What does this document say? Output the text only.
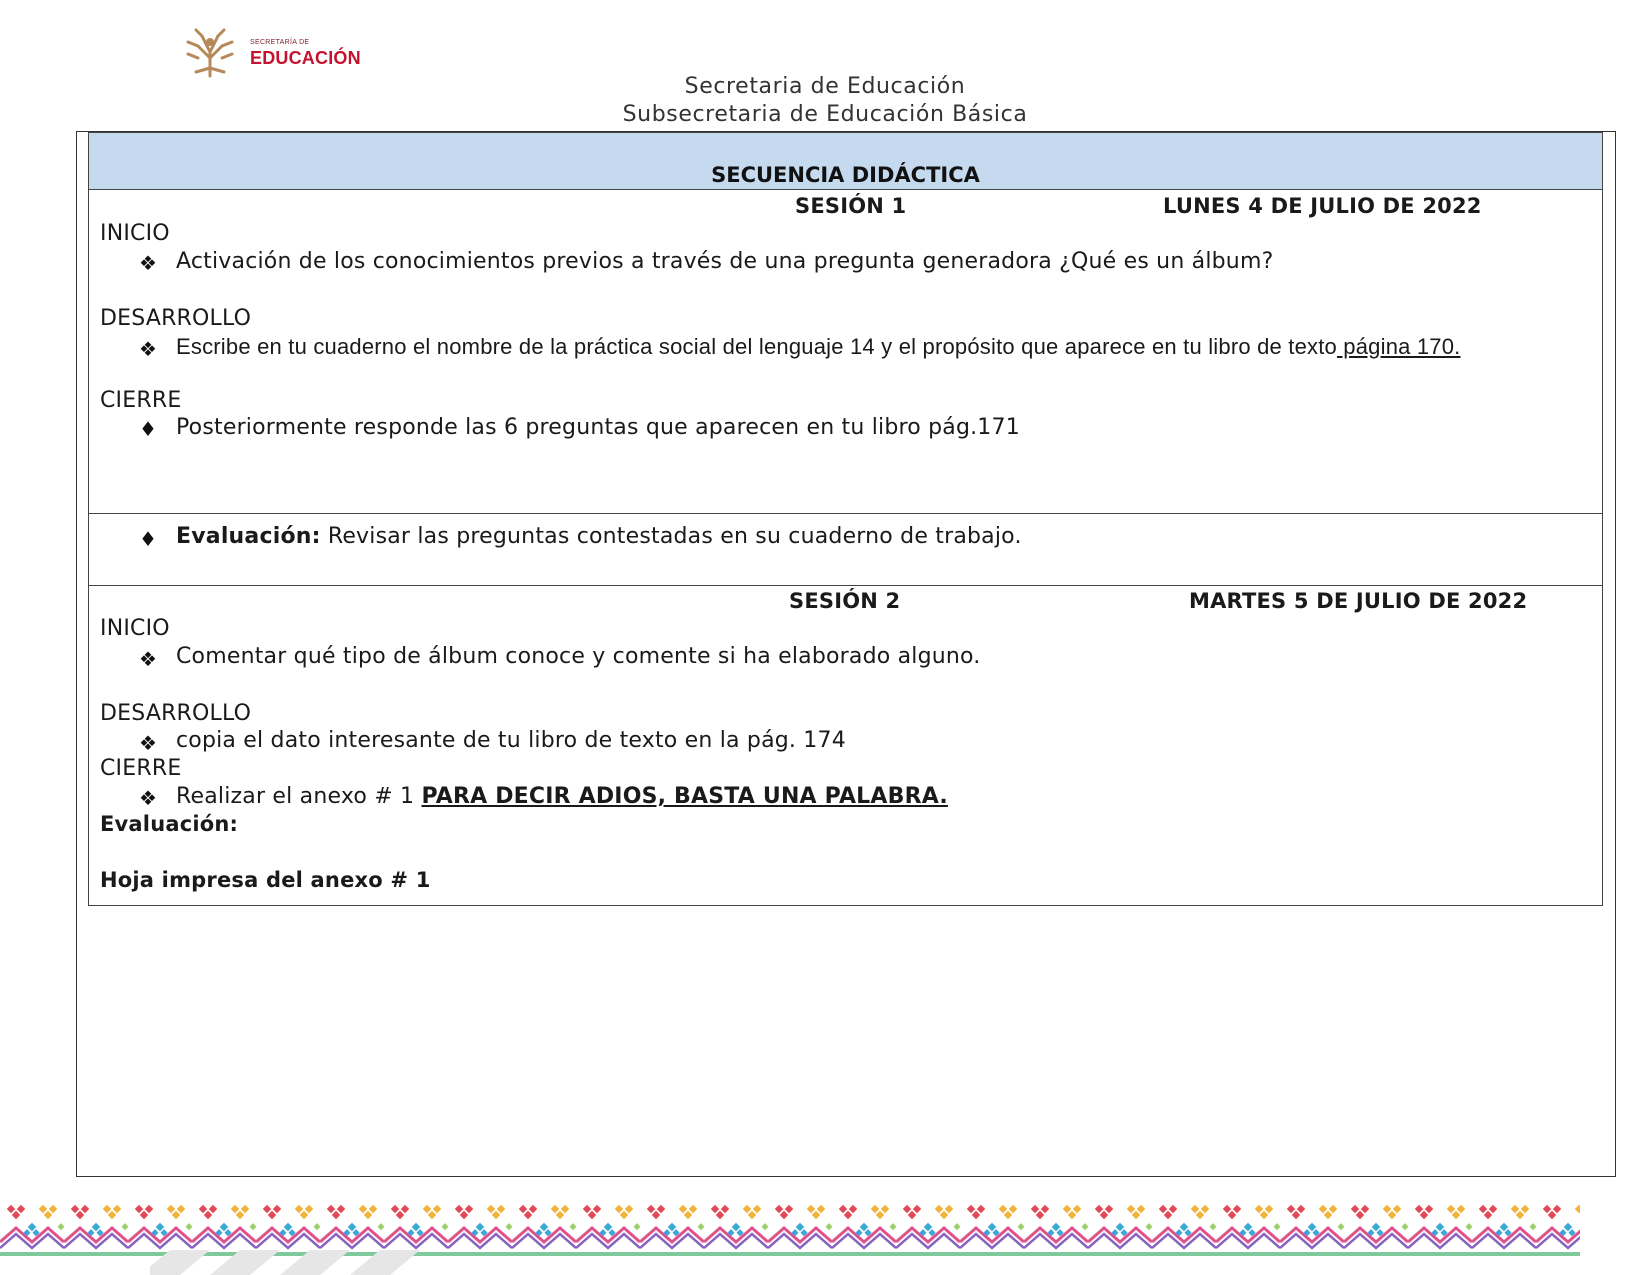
SECRETARÍA DE
EDUCACIÓN
Secretaria de Educación
Subsecretaria de Educación Básica
SECUENCIA DIDÁCTICA
SESIÓN 1	LUNES 4 DE JULIO DE 2022
INICIO
❖ Activación de los conocimientos previos a través de una pregunta generadora ¿Qué es un álbum?
DESARROLLO
❖ Escribe en tu cuaderno el nombre de la práctica social del lenguaje 14 y el propósito que aparece en tu libro de texto página 170.
CIERRE
♦ Posteriormente responde las 6 preguntas que aparecen en tu libro pág.171
♦ Evaluación: Revisar las preguntas contestadas en su cuaderno de trabajo.
SESIÓN 2	MARTES 5 DE JULIO DE 2022
INICIO
❖ Comentar qué tipo de álbum conoce y comente si ha elaborado alguno.
DESARROLLO
❖ copia el dato interesante de tu libro de texto en la pág. 174
CIERRE
❖ Realizar el anexo # 1 PARA DECIR ADIOS, BASTA UNA PALABRA.
Evaluación:
Hoja impresa del anexo # 1
